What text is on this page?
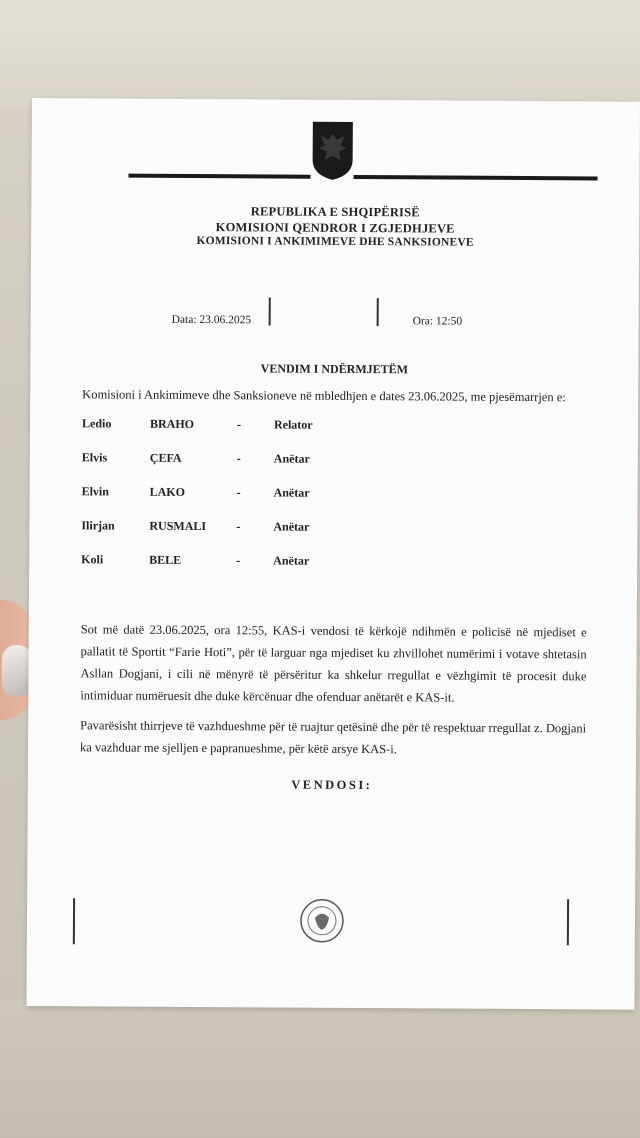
REPUBLIKA E SHQIPËRISË
KOMISIONI QENDROR I ZGJEDHJEVE
KOMISIONI I ANKIMIMEVE DHE SANKSIONEVE
Data: 23.06.2025	Ora: 12:50
VENDIM I NDËRMJETËM
Komisioni i Ankimimeve dhe Sanksioneve në mbledhjen e dates 23.06.2025, me pjesëmarrjen e:
Ledio	BRAHO	-	Relator
Elvis	ÇEFA	-	Anëtar
Elvin	LAKO	-	Anëtar
Ilirjan	RUSMALI	-	Anëtar
Koli	BELE	-	Anëtar
Sot më datë 23.06.2025, ora 12:55, KAS-i vendosi të kërkojë ndihmën e policisë në mjediset e pallatit të Sportit “Farie Hoti”, për të larguar nga mjediset ku zhvillohet numërimi i votave shtetasin Asllan Dogjani, i cili në mënyrë të përsëritur ka shkelur rregullat e vëzhgimit të procesit duke intimiduar numëruesit dhe duke kërcënuar dhe ofenduar anëtarët e KAS-it.
Pavarësisht thirrjeve të vazhdueshme për të ruajtur qetësinë dhe për të respektuar rregullat z. Dogjani ka vazhduar me sjelljen e papranueshme, për këtë arsye KAS-i.
VENDOSI:
